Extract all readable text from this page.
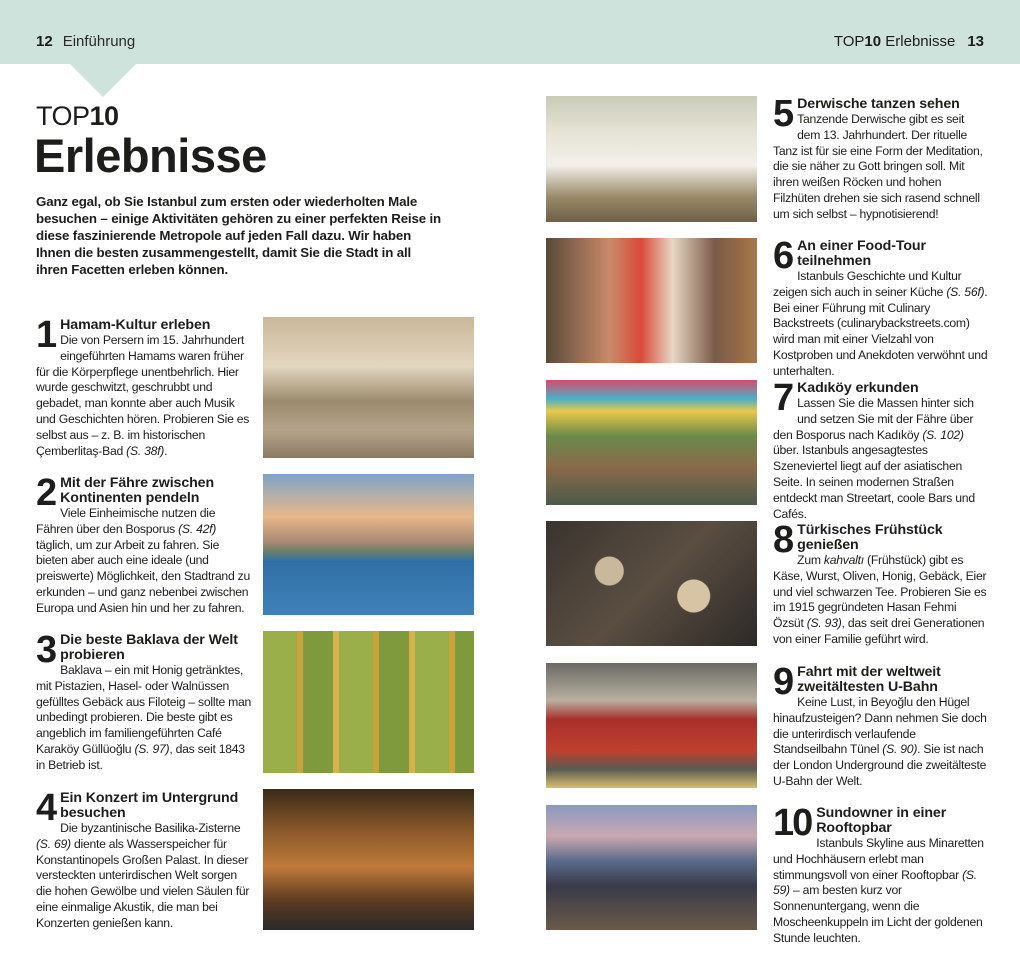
12 Einführung	TOP10 Erlebnisse 13
TOP10
Erlebnisse
Ganz egal, ob Sie Istanbul zum ersten oder wiederholten Male besuchen – einige Aktivitäten gehören zu einer perfekten Reise in diese faszinierende Metropole auf jeden Fall dazu. Wir haben Ihnen die besten zusammengestellt, damit Sie die Stadt in all ihren Facetten erleben können.
1 Hamam-Kultur erleben

Die von Persern im 15. Jahrhundert eingeführten Hamams waren früher für die Körperpflege unentbehrlich. Hier wurde geschwitzt, geschrubbt und gebadet, man konnte aber auch Musik und Geschichten hören. Probieren Sie es selbst aus – z. B. im historischen Çemberlitaş-Bad (S. 38f).

2 Mit der Fähre zwischen Kontinenten pendeln

Viele Einheimische nutzen die Fähren über den Bosporus (S. 42f) täglich, um zur Arbeit zu fahren. Sie bieten aber auch eine ideale (und preiswerte) Möglichkeit, den Stadtrand zu erkunden – und ganz nebenbei zwischen Europa und Asien hin und her zu fahren.

3 Die beste Baklava der Welt probieren

Baklava – ein mit Honig getränktes, mit Pistazien, Hasel- oder Walnüssen gefülltes Gebäck aus Filoteig – sollte man unbedingt probieren. Die beste gibt es angeblich im familiengeführten Café Karaköy Güllüoğlu (S. 97), das seit 1843 in Betrieb ist.

4 Ein Konzert im Untergrund besuchen

Die byzantinische Basilika-Zisterne (S. 69) diente als Wasserspeicher für Konstantinopels Großen Palast. In dieser versteckten unterirdischen Welt sorgen die hohen Gewölbe und vielen Säulen für eine einmalige Akustik, die man bei Konzerten genießen kann.

5 Derwische tanzen sehen

Tanzende Derwische gibt es seit dem 13. Jahrhundert. Der rituelle Tanz ist für sie eine Form der Meditation, die sie näher zu Gott bringen soll. Mit ihren weißen Röcken und hohen Filzhüten drehen sie sich rasend schnell um sich selbst – hypnotisierend!

6 An einer Food-Tour teilnehmen

Istanbuls Geschichte und Kultur zeigen sich auch in seiner Küche (S. 56f). Bei einer Führung mit Culinary Backstreets (culinarybackstreets.com) wird man mit einer Vielzahl von Kostproben und Anekdoten verwöhnt und unterhalten.

7 Kadıköy erkunden

Lassen Sie die Massen hinter sich und setzen Sie mit der Fähre über den Bosporus nach Kadıköy (S. 102) über. Istanbuls angesagtestes Szeneviertel liegt auf der asiatischen Seite. In seinen modernen Straßen entdeckt man Streetart, coole Bars und Cafés.

8 Türkisches Frühstück genießen

Zum kahvaltı (Frühstück) gibt es Käse, Wurst, Oliven, Honig, Gebäck, Eier und viel schwarzen Tee. Probieren Sie es im 1915 gegründeten Hasan Fehmi Özsüt (S. 93), das seit drei Generationen von einer Familie geführt wird.

9 Fahrt mit der weltweit zweitältesten U-Bahn

Keine Lust, in Beyoğlu den Hügel hinaufzusteigen? Dann nehmen Sie doch die unterirdisch verlaufende Standseilbahn Tünel (S. 90). Sie ist nach der London Underground die zweitälteste U-Bahn der Welt.

10 Sundowner in einer Rooftopbar

Istanbuls Skyline aus Minaretten und Hochhäusern erlebt man stimmungsvoll von einer Rooftopbar (S. 59) – am besten kurz vor Sonnenuntergang, wenn die Moscheenkuppeln im Licht der goldenen Stunde leuchten.
